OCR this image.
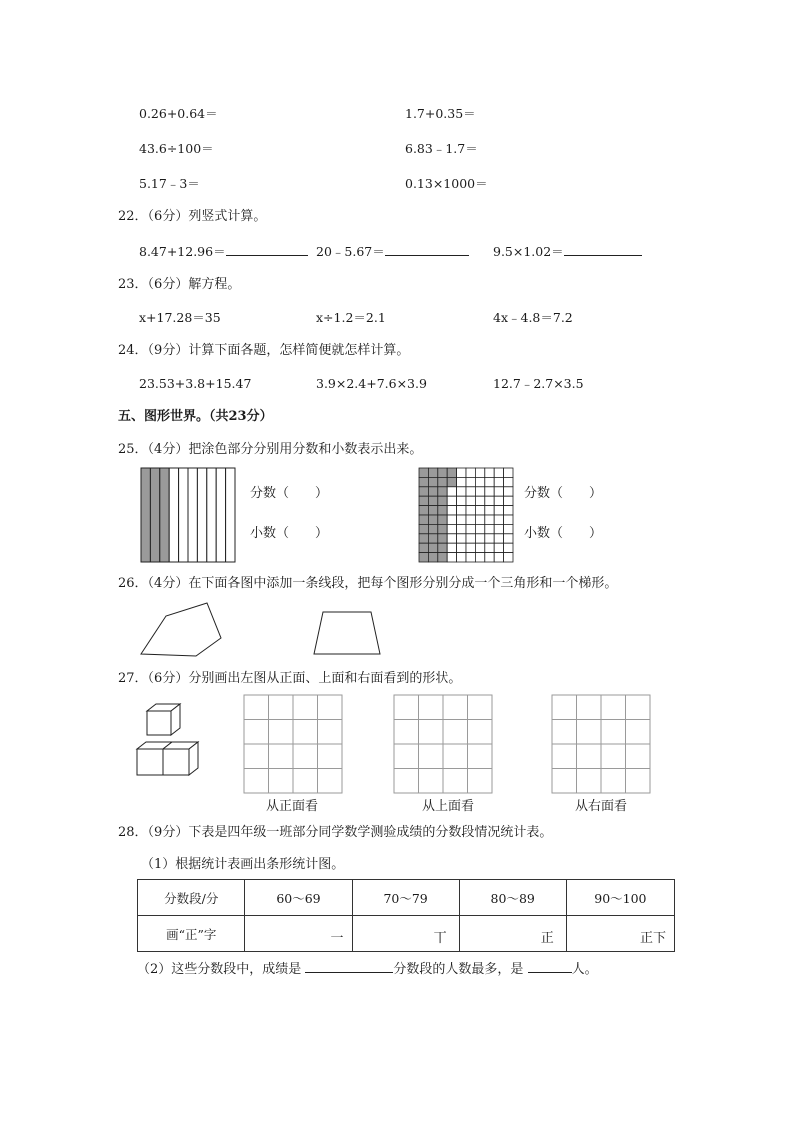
0.26+0.64＝	1.7+0.35＝
43.6÷100＝	6.83﹣1.7＝
5.17﹣3＝	0.13×1000＝
22．（6分）列竖式计算。
8.47+12.96＝	20﹣5.67＝	9.5×1.02＝
23．（6分）解方程。
x+17.28＝35	x÷1.2＝2.1	4x﹣4.8＝7.2
24．（9分）计算下面各题，怎样简便就怎样计算。
23.53+3.8+15.47	3.9×2.4+7.6×3.9	12.7﹣2.7×3.5
五、图形世界。（共23分）
25．（4分）把涂色部分分别用分数和小数表示出来。
分数（　　）
小数（　　）
分数（　　）
小数（　　）
26．（4分）在下面各图中添加一条线段，把每个图形分别分成一个三角形和一个梯形。
27．（6分）分别画出左图从正面、上面和右面看到的形状。
从正面看	从上面看	从右面看
28．（9分）下表是四年级一班部分同学数学测验成绩的分数段情况统计表。
（1）根据统计表画出条形统计图。
分数段/分	60～69	70～79	80～89	90～100
画“正”字	一	丅	正	正下
（2）这些分数段中，成绩是	分数段的人数最多，是	人。
